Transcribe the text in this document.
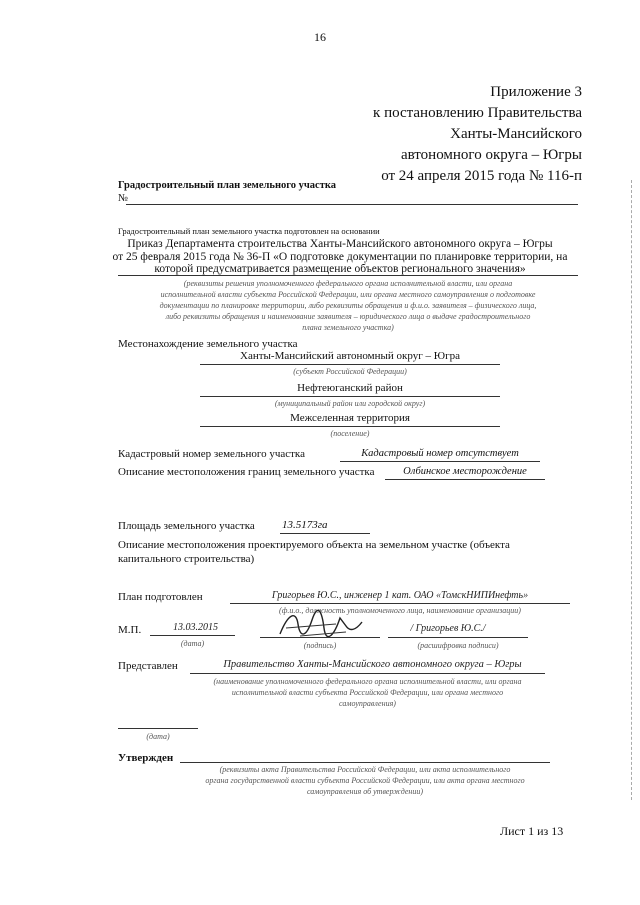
16
Приложение 3
к постановлению Правительства
Ханты-Мансийского
автономного округа – Югры
от 24 апреля 2015 года № 116-п
Градостроительный план земельного участка
№
Градостроительный план земельного участка подготовлен на основании
Приказ Департамента строительства Ханты-Мансийского автономного округа – Югры
от 25 февраля 2015 года № 36-П «О подготовке документации по планировке территории, на
которой предусматривается размещение объектов регионального значения»
(реквизиты решения уполномоченного федерального органа исполнительной власти, или органа
исполнительной власти субъекта Российской Федерации, или органа местного самоуправления о подготовке
документации по планировке территории, либо реквизиты обращения и ф.и.о. заявителя – физического лица,
либо реквизиты обращения и наименование заявителя – юридического лица о выдаче градостроительного
плана земельного участка)
Местонахождение земельного участка
Ханты-Мансийский автономный округ – Югра
(субъект Российской Федерации)
Нефтеюганский район
(муниципальный район или городской округ)
Межселенная территория
(поселение)
Кадастровый номер земельного участка	Кадастровый номер отсутствует
Описание местоположения границ земельного участка	Олбинское месторождение
Площадь земельного участка 13.5173га
Описание местоположения проектируемого объекта на земельном участке (объекта
капитального строительства)
План подготовлен	Григорьев Ю.С., инженер 1 кат. ОАО «ТомскНИПИнефть»
(ф.и.о., должность уполномоченного лица, наименование организации)
М.П.	13.03.2015
(дата)	(подпись)
/ Григорьев Ю.С./
(расшифровка подписи)
Представлен	Правительство Ханты-Мансийского автономного округа – Югры
(наименование уполномоченного федерального органа исполнительной власти, или органа
исполнительной власти субъекта Российской Федерации, или органа местного
самоуправления)
(дата)
Утвержден
(реквизиты акта Правительства Российской Федерации, или акта исполнительного
органа государственной власти субъекта Российской Федерации, или акта органа местного
самоуправления об утверждении)
Лист 1 из 13
